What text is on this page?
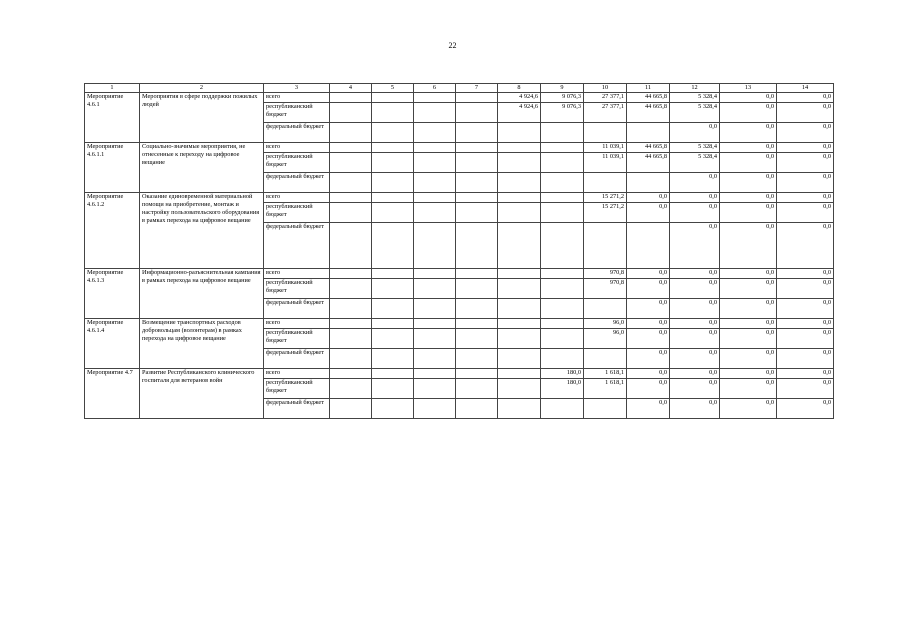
22
1	2	3	4	5	6	7	8	9	10	11	12	13	14
Мероприятие 4.6.1	Мероприятия в сфере поддержки пожилых людей	всего					4 924,6	9 076,3	27 377,1	44 665,8	5 328,4	0,0	0,0
		республиканский бюджет					4 924,6	9 076,3	27 377,1	44 665,8	5 328,4	0,0	0,0
		федеральный бюджет									0,0	0,0	0,0
Мероприятие 4.6.1.1	Социально-значимые мероприятия, не отнесенные к переходу на цифровое вещание	всего							11 039,1	44 665,8	5 328,4	0,0	0,0
		республиканский бюджет							11 039,1	44 665,8	5 328,4	0,0	0,0
		федеральный бюджет									0,0	0,0	0,0
Мероприятие 4.6.1.2	Оказание единовременной материальной помощи на приобретение, монтаж и настройку пользовательского оборудования в рамках перехода на цифровое вещание	всего							15 271,2	0,0	0,0	0,0	0,0
		республиканский бюджет							15 271,2	0,0	0,0	0,0	0,0
		федеральный бюджет									0,0	0,0	0,0
Мероприятие 4.6.1.3	Информационно-разъяснительная кампания в рамках перехода на цифровое вещание	всего							970,8	0,0	0,0	0,0	0,0
		республиканский бюджет							970,8	0,0	0,0	0,0	0,0
		федеральный бюджет								0,0	0,0	0,0	0,0
Мероприятие 4.6.1.4	Возмещение транспортных расходов добровольцам (волонтерам) в рамках перехода на цифровое вещание	всего							96,0	0,0	0,0	0,0	0,0
		республиканский бюджет							96,0	0,0	0,0	0,0	0,0
		федеральный бюджет								0,0	0,0	0,0	0,0
Мероприятие 4.7	Развитие Республиканского клинического госпиталя для ветеранов войн	всего						180,0	1 618,1	0,0	0,0	0,0	0,0
		республиканский бюджет						180,0	1 618,1	0,0	0,0	0,0	0,0
		федеральный бюджет								0,0	0,0	0,0	0,0
